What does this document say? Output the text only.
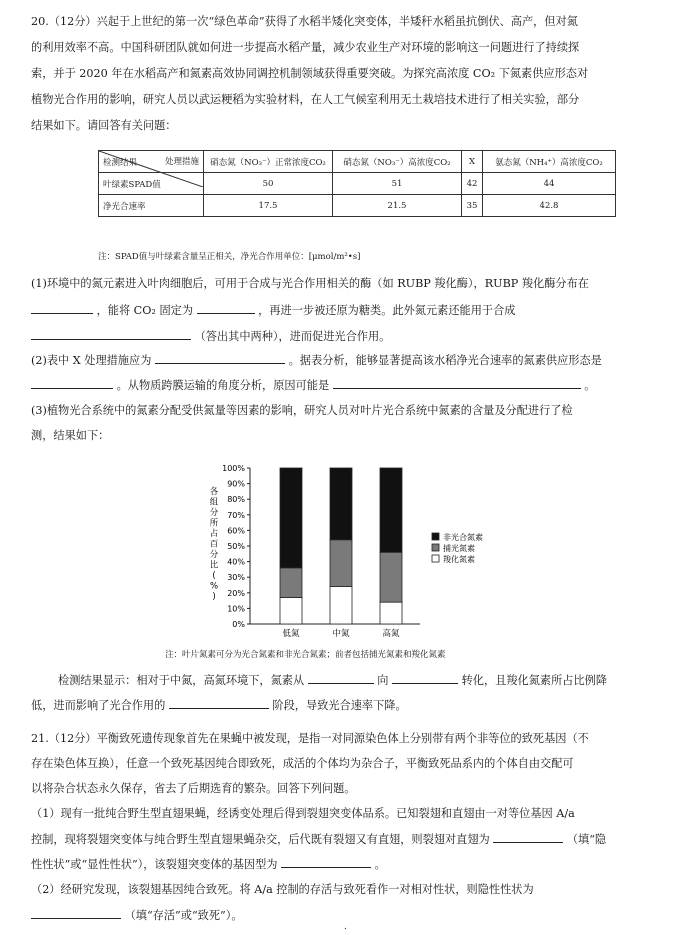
20.（12分）兴起于上世纪的第一次“绿色革命”获得了水稻半矮化突变体，半矮秆水稻虽抗倒伏、高产，但对氮

的利用效率不高。中国科研团队就如何进一步提高水稻产量，减少农业生产对环境的影响这一问题进行了持续探

索，并于 2020 年在水稻高产和氮素高效协同调控机制领域获得重要突破。为探究高浓度 CO₂ 下氮素供应形态对

植物光合作用的影响，研究人员以武运粳稻为实验材料，在人工气候室利用无土栽培技术进行了相关实验，部分

结果如下。请回答有关问题：

处理措施
检测结果	硝态氮（NO₃⁻）正常浓度CO₂	硝态氮（NO₃⁻）高浓度CO₂	X	氨态氮（NH₄⁺）高浓度CO₂
叶绿素SPAD值	50	51	42	44
净光合速率	17.5	21.5	35	42.8
注：SPAD值与叶绿素含量呈正相关，净光合作用单位：[μmol/m²•s]

(1)环境中的氮元素进入叶肉细胞后，可用于合成与光合作用相关的酶（如 RUBP 羧化酶），RUBP 羧化酶分布在

，能将 CO₂ 固定为	，再进一步被还原为糖类。此外氮元素还能用于合成

（答出其中两种），进而促进光合作用。

(2)表中 X 处理措施应为	。据表分析，能够显著提高该水稻净光合速率的氮素供应形态是

。从物质跨膜运输的角度分析，原因可能是	。

(3)植物光合系统中的氮素分配受供氮量等因素的影响，研究人员对叶片光合系统中氮素的含量及分配进行了检

测，结果如下：

0%
10%
20%
30%
40%
50%
60%
70%
80%
90%
100%
各
组
分
所
占
百
分
比
(
%
)
低氮	中氮	高氮
非光合氮素
捕光氮素
羧化氮素
注：叶片氮素可分为光合氮素和非光合氮素；前者包括捕光氮素和羧化氮素

检测结果显示：相对于中氮，高氮环境下，氮素从	向	转化，且羧化氮素所占比例降

低，进而影响了光合作用的	阶段，导致光合速率下降。

21.（12分）平衡致死遗传现象首先在果蝇中被发现，是指一对同源染色体上分别带有两个非等位的致死基因（不

存在染色体互换），任意一个致死基因纯合即致死，成活的个体均为杂合子，平衡致死品系内的个体自由交配可

以将杂合状态永久保存，省去了后期选育的繁杂。回答下列问题。

（1）现有一批纯合野生型直翅果蝇，经诱变处理后得到裂翅突变体品系。已知裂翅和直翅由一对等位基因 A/a

控制，现将裂翅突变体与纯合野生型直翅果蝇杂交，后代既有裂翅又有直翅，则裂翅对直翅为	（填“隐

性性状”或“显性性状”），该裂翅突变体的基因型为	。

（2）经研究发现，该裂翅基因纯合致死。将 A/a 控制的存活与致死看作一对相对性状，则隐性性状为

（填“存活”或“致死”）。

.
